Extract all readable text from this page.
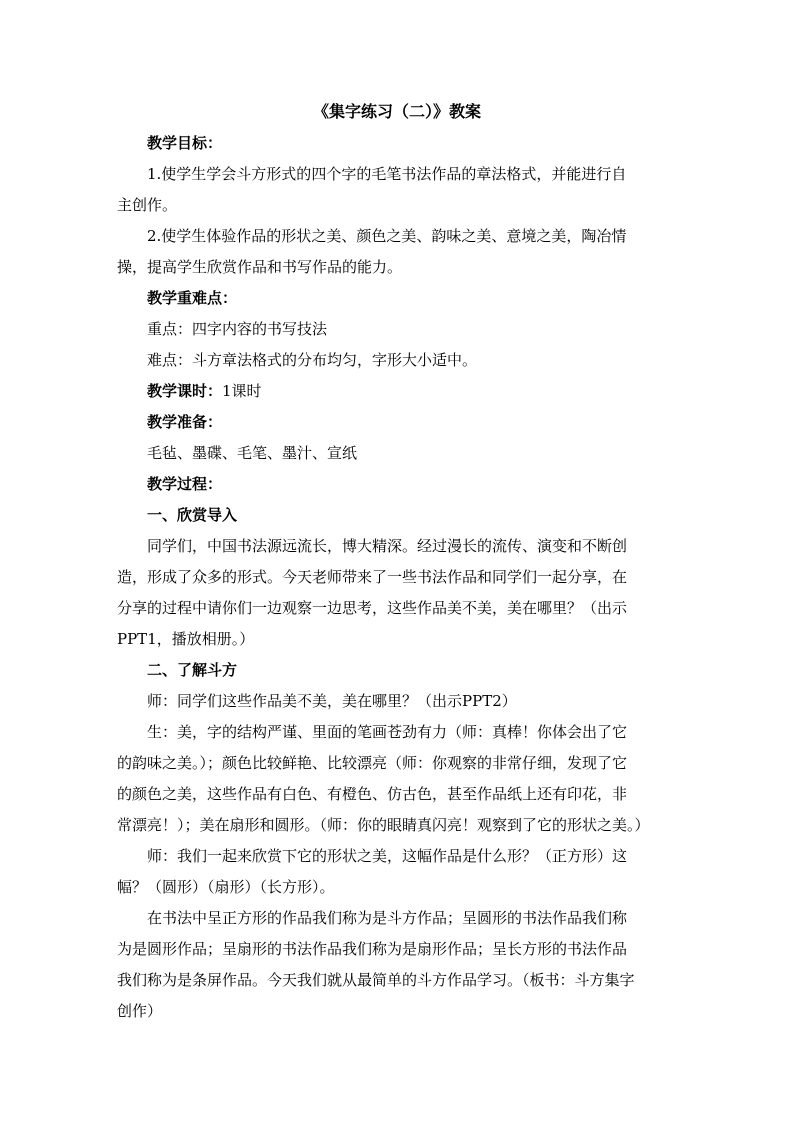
《集字练习（二）》教案
教学目标：
1.使学生学会斗方形式的四个字的毛笔书法作品的章法格式，并能进行自
主创作。
2.使学生体验作品的形状之美、颜色之美、韵味之美、意境之美，陶冶情
操，提高学生欣赏作品和书写作品的能力。
教学重难点：
重点：四字内容的书写技法
难点：斗方章法格式的分布均匀，字形大小适中。
教学课时：1课时
教学准备：
毛毡、墨碟、毛笔、墨汁、宣纸
教学过程：
一、欣赏导入
同学们，中国书法源远流长，博大精深。经过漫长的流传、演变和不断创
造，形成了众多的形式。今天老师带来了一些书法作品和同学们一起分享，在
分享的过程中请你们一边观察一边思考，这些作品美不美，美在哪里？（出示
PPT1，播放相册。）
二、了解斗方
师：同学们这些作品美不美，美在哪里？（出示PPT2）
生：美，字的结构严谨、里面的笔画苍劲有力（师：真棒！你体会出了它
的韵味之美。）；颜色比较鲜艳、比较漂亮（师：你观察的非常仔细，发现了它
的颜色之美，这些作品有白色、有橙色、仿古色，甚至作品纸上还有印花，非
常漂亮！）；美在扇形和圆形。（师：你的眼睛真闪亮！观察到了它的形状之美。）
师：我们一起来欣赏下它的形状之美，这幅作品是什么形？（正方形）这
幅？（圆形）（扇形）（长方形）。
在书法中呈正方形的作品我们称为是斗方作品；呈圆形的书法作品我们称
为是圆形作品；呈扇形的书法作品我们称为是扇形作品；呈长方形的书法作品
我们称为是条屏作品。今天我们就从最简单的斗方作品学习。（板书：斗方集字
创作）
